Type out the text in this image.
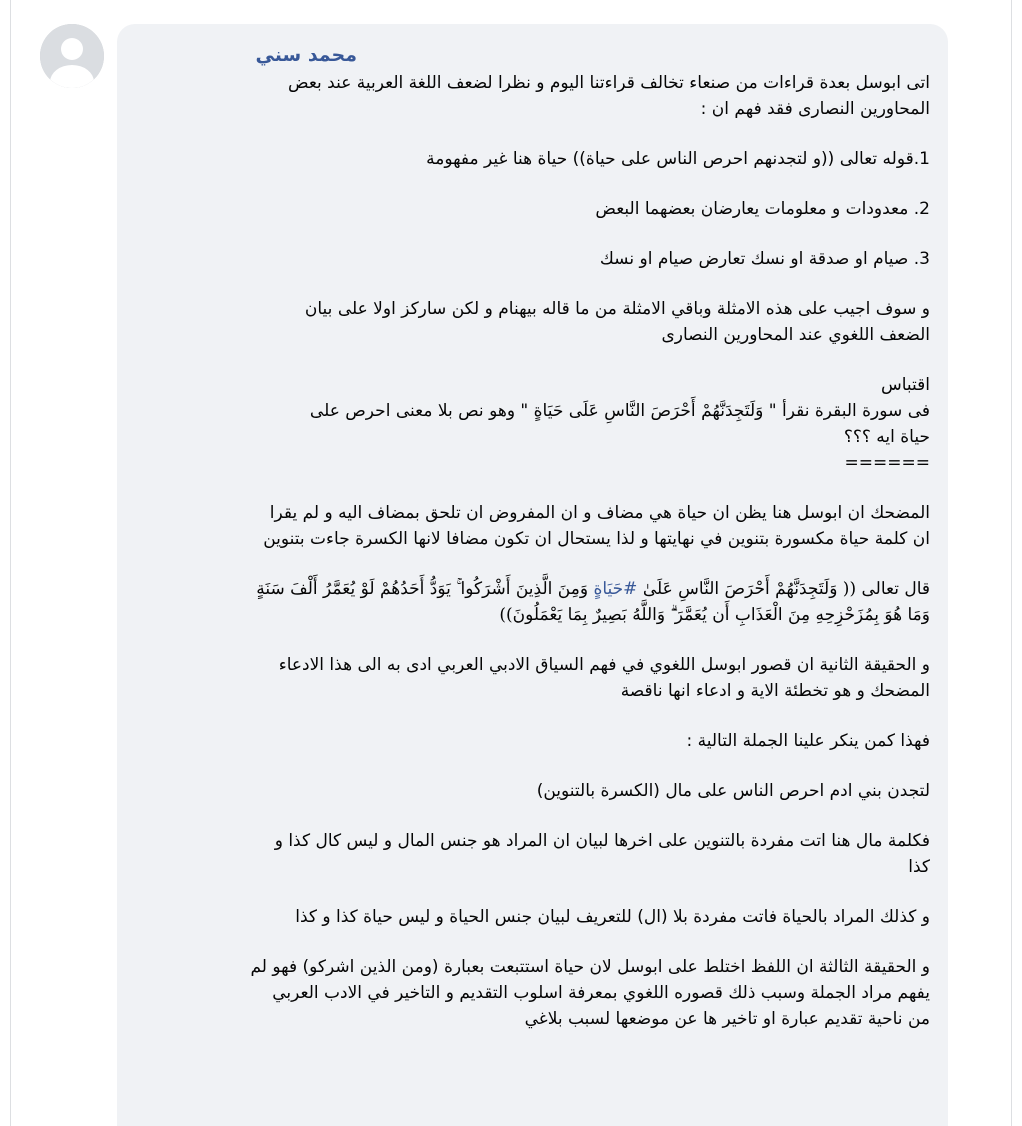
محمد سني
اتى ابوسل بعدة قراءات من صنعاء تخالف قراءتنا اليوم و نظرا لضعف اللغة العربية عند بعض
المحاورين النصارى فقد فهم ان :
1.قوله تعالى ((و لتجدنهم احرص الناس على حياة)) حياة هنا غير مفهومة
2. معدودات و معلومات يعارضان بعضهما البعض
3. صيام او صدقة او نسك تعارض صيام او نسك
و سوف اجيب على هذه الامثلة وباقي الامثلة من ما قاله بيهنام و لكن سارکز اولا على بيان
الضعف اللغوي عند المحاورين النصارى
اقتباس
فى سورة البقرة نقرأ " وَلَتَجِدَنَّهُمْ أَحْرَصَ النَّاسِ عَلَى حَيَاةٍ " وهو نص بلا معنى احرص على
حياة ايه ؟؟؟
======
المضحك ان ابوسل هنا يظن ان حياة هي مضاف و ان المفروض ان تلحق بمضاف اليه و لم يقرا
ان كلمة حياة مكسورة بتنوين في نهايتها و لذا يستحال ان تكون مضافا لانها الكسرة جاءت بتنوين
قال تعالى (( وَلَتَجِدَنَّهُمْ أَحْرَصَ النَّاسِ عَلَىٰ #حَيَاةٍ وَمِنَ الَّذِينَ أَشْرَكُوا ۚ يَوَدُّ أَحَدُهُمْ لَوْ يُعَمَّرُ أَلْفَ سَنَةٍ
وَمَا هُوَ بِمُزَحْزِحِهِ مِنَ الْعَذَابِ أَن يُعَمَّرَ ۗ وَاللَّهُ بَصِيرٌ بِمَا يَعْمَلُونَ))
و الحقيقة الثانية ان قصور ابوسل اللغوي في فهم السياق الادبي العربي ادى به الى هذا الادعاء
المضحك و هو تخطئة الاية و ادعاء انها ناقصة
فهذا كمن ينكر علينا الجملة التالية :
لتجدن بني ادم احرص الناس على مال (الكسرة بالتنوين)
فكلمة مال هنا اتت مفردة بالتنوين على اخرها لبيان ان المراد هو جنس المال و ليس كال كذا و
كذا
و كذلك المراد بالحياة فاتت مفردة بلا (ال) للتعريف لبيان جنس الحياة و ليس حياة كذا و كذا
و الحقيقة الثالثة ان اللفظ اختلط على ابوسل لان حياة استتبعت بعبارة (ومن الذين اشركو) فهو لم
يفهم مراد الجملة وسبب ذلك قصوره اللغوي بمعرفة اسلوب التقديم و التاخير في الادب العربي
من ناحية تقديم عبارة او تاخير ها عن موضعها لسبب بلاغي
